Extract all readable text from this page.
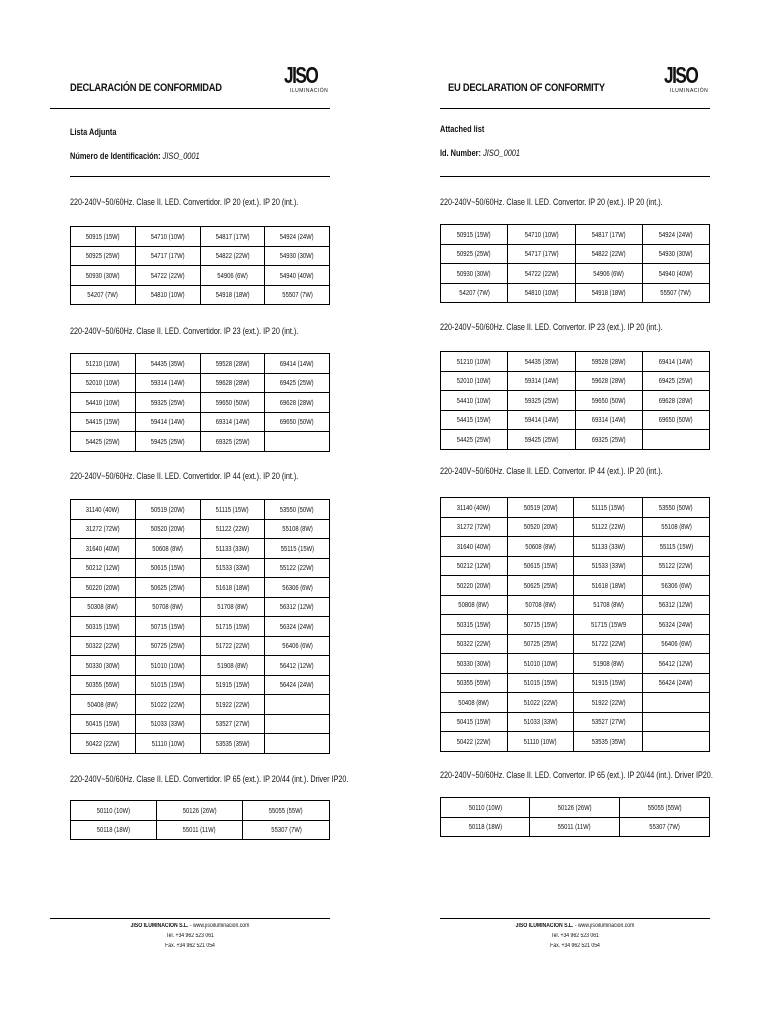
DECLARACIÓN DE CONFORMIDAD	JISO
ILUMINACIÓN
Lista Adjunta
Número de Identificación: JISO_0001
220-240V~50/60Hz. Clase II. LED. Convertidor. IP 20 (ext.). IP 20 (int.).
50915 (15W)	54710 (10W)	54817 (17W)	54924 (24W)
50925 (25W)	54717 (17W)	54822 (22W)	54930 (30W)
50930 (30W)	54722 (22W)	54906 (6W)	54940 (40W)
54207 (7W)	54810 (10W)	54918 (18W)	55507 (7W)
220-240V~50/60Hz. Clase II. LED. Convertidor. IP 23 (ext.). IP 20 (int.).
51210 (10W)	54435 (35W)	59528 (28W)	69414 (14W)
52010 (10W)	59314 (14W)	59628 (28W)	69425 (25W)
54410 (10W)	59325 (25W)	59650 (50W)	69628 (28W)
54415 (15W)	59414 (14W)	69314 (14W)	69650 (50W)
54425 (25W)	59425 (25W)	69325 (25W)	
220-240V~50/60Hz. Clase II. LED. Convertidor. IP 44 (ext.). IP 20 (int.).
31140 (40W)	50519 (20W)	51115 (15W)	53550 (50W)
31272 (72W)	50520 (20W)	51122 (22W)	55108 (8W)
31640 (40W)	50608 (8W)	51133 (33W)	55115 (15W)
50212 (12W)	50615 (15W)	51533 (33W)	55122 (22W)
50220 (20W)	50625 (25W)	51618 (18W)	56306 (6W)
50308 (8W)	50708 (8W)	51708 (8W)	56312 (12W)
50315 (15W)	50715 (15W)	51715 (15W)	56324 (24W)
50322 (22W)	50725 (25W)	51722 (22W)	56406 (6W)
50330 (30W)	51010 (10W)	51908 (8W)	56412 (12W)
50355 (55W)	51015 (15W)	51915 (15W)	56424 (24W)
50408 (8W)	51022 (22W)	51922 (22W)	
50415 (15W)	51033 (33W)	53527 (27W)	
50422 (22W)	51110 (10W)	53535 (35W)	
220-240V~50/60Hz. Clase II. LED. Convertidor. IP 65 (ext.). IP 20/44 (int.). Driver IP20.
50110 (10W)	50126 (26W)	55055 (55W)
50118 (18W)	55011 (11W)	55307 (7W)
JISO ILUMINACION S.L. - www.jisoiluminacion.com
Tel. +34 962 523 061
Fax. +34 962 521 054
EU DECLARATION OF CONFORMITY	JISO
ILUMINACIÓN
Attached list
Id. Number: JISO_0001
220-240V~50/60Hz. Clase II. LED. Convertor. IP 20 (ext.). IP 20 (int.).
50915 (15W)	54710 (10W)	54817 (17W)	54924 (24W)
50925 (25W)	54717 (17W)	54822 (22W)	54930 (30W)
50930 (30W)	54722 (22W)	54906 (6W)	54940 (40W)
54207 (7W)	54810 (10W)	54918 (18W)	55507 (7W)
220-240V~50/60Hz. Clase II. LED. Convertor. IP 23 (ext.). IP 20 (int.).
51210 (10W)	54435 (35W)	59528 (28W)	69414 (14W)
52010 (10W)	59314 (14W)	59628 (28W)	69425 (25W)
54410 (10W)	59325 (25W)	59650 (50W)	69628 (28W)
54415 (15W)	59414 (14W)	69314 (14W)	69650 (50W)
54425 (25W)	59425 (25W)	69325 (25W)	
220-240V~50/60Hz. Clase II. LED. Convertor. IP 44 (ext.). IP 20 (int.).
31140 (40W)	50519 (20W)	51115 (15W)	53550 (50W)
31272 (72W)	50520 (20W)	51122 (22W)	55108 (8W)
31640 (40W)	50608 (8W)	51133 (33W)	55115 (15W)
50212 (12W)	50615 (15W)	51533 (33W)	55122 (22W)
50220 (20W)	50625 (25W)	51618 (18W)	56306 (6W)
50808 (8W)	50708 (8W)	51708 (8W)	56312 (12W)
50315 (15W)	50715 (15W)	51715 (15W9	56324 (24W)
50322 (22W)	50725 (25W)	51722 (22W)	56406 (6W)
50330 (30W)	51010 (10W)	51908 (8W)	56412 (12W)
50355 (55W)	51015 (15W)	51915 (15W)	56424 (24W)
50408 (8W)	51022 (22W)	51922 (22W)	
50415 (15W)	51033 (33W)	53527 (27W)	
50422 (22W)	51110 (10W)	53535 (35W)	
220-240V~50/60Hz. Clase II. LED. Convertor. IP 65 (ext.). IP 20/44 (int.). Driver IP20.
50110 (10W)	50126 (26W)	55055 (55W)
50118 (18W)	55011 (11W)	55307 (7W)
JISO ILUMINACION S.L. - www.jisoiluminacion.com
Tel. +34 962 523 061
Fax. +34 962 521 054
